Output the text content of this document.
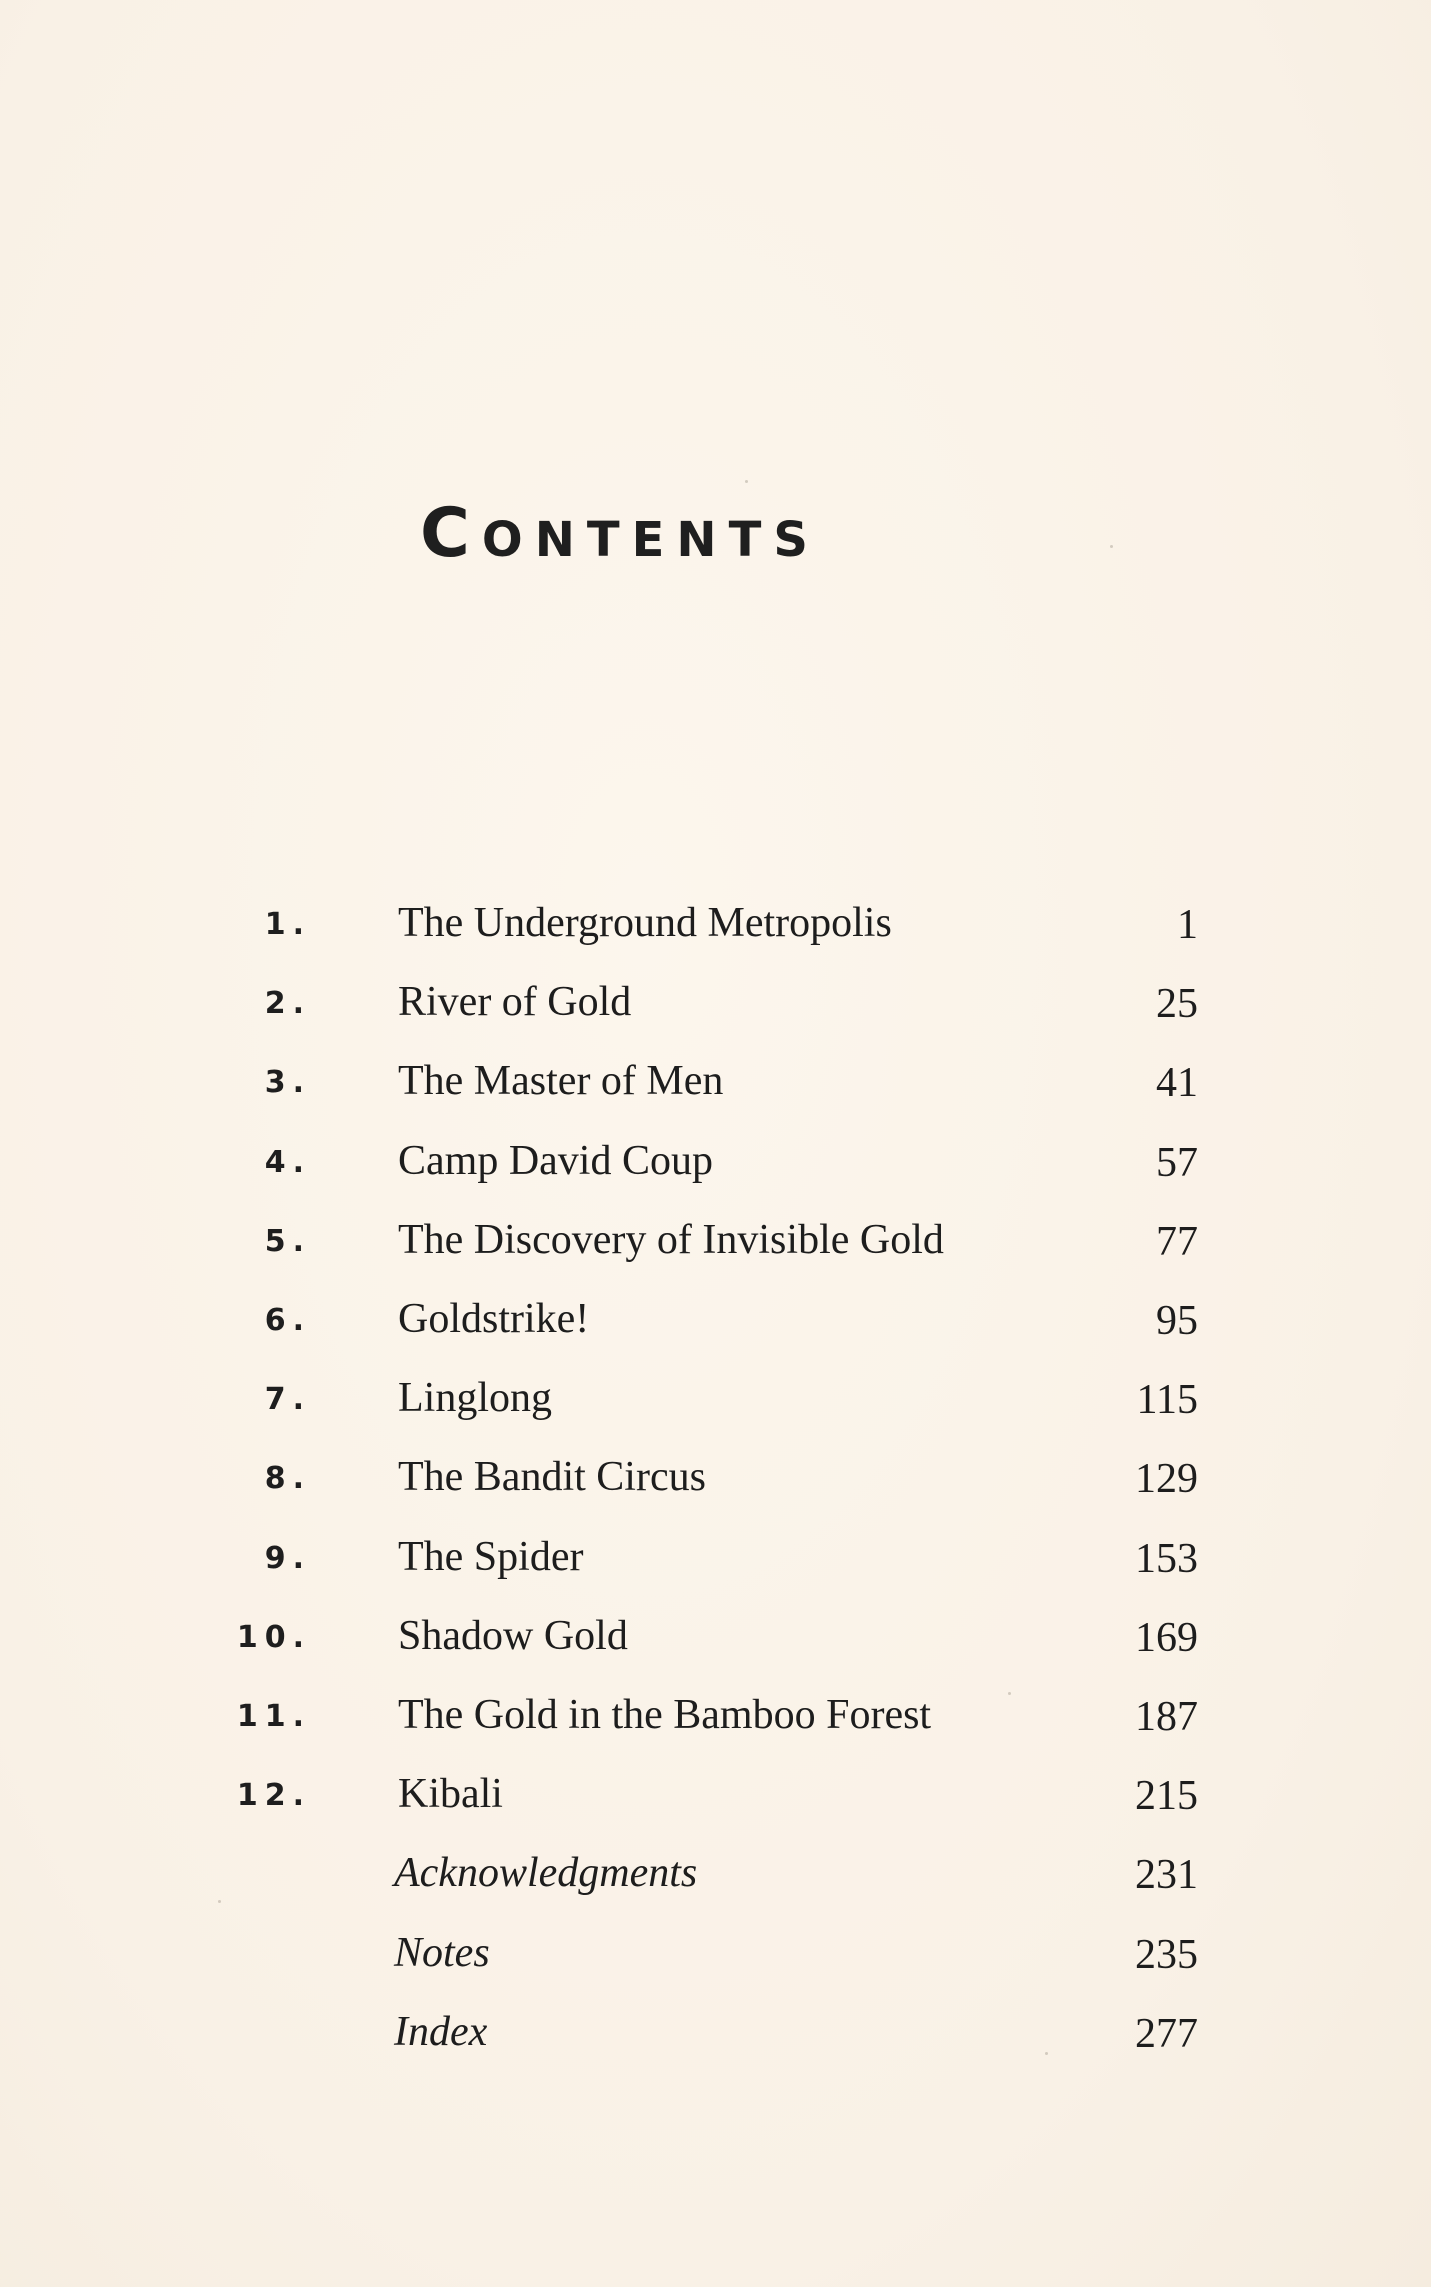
Contents
1. The Underground Metropolis	1
2. River of Gold	25
3. The Master of Men	41
4. Camp David Coup	57
5. The Discovery of Invisible Gold	77
6. Goldstrike!	95
7. Linglong	115
8. The Bandit Circus	129
9. The Spider	153
10. Shadow Gold	169
11. The Gold in the Bamboo Forest	187
12. Kibali	215
Acknowledgments	231
Notes	235
Index	277
